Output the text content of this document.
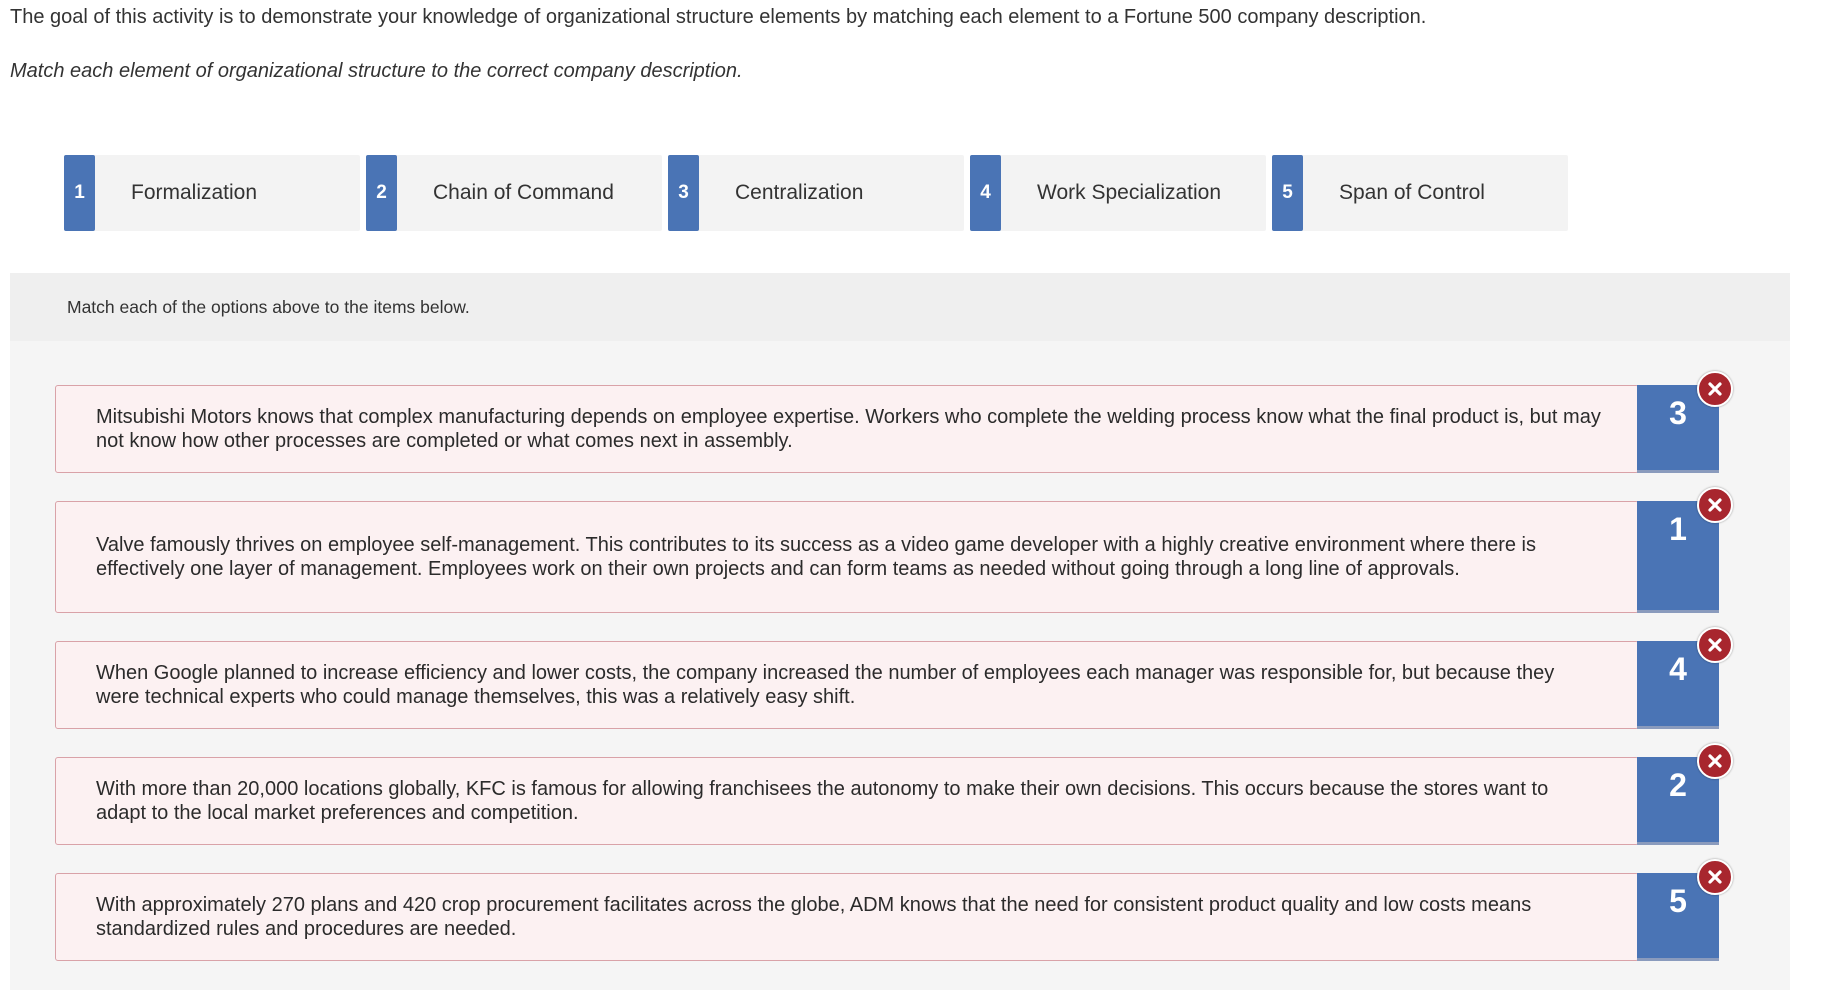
The goal of this activity is to demonstrate your knowledge of organizational structure elements by matching each element to a Fortune 500 company description.
Match each element of organizational structure to the correct company description.
1	Formalization	2	Chain of Command	3	Centralization	4	Work Specialization	5	Span of Control
Match each of the options above to the items below.
Mitsubishi Motors knows that complex manufacturing depends on employee expertise. Workers who complete the welding process know what the final product is, but may not know how other processes are completed or what comes next in assembly.
3
Valve famously thrives on employee self-management. This contributes to its success as a video game developer with a highly creative environment where there is effectively one layer of management. Employees work on their own projects and can form teams as needed without going through a long line of approvals.
1
When Google planned to increase efficiency and lower costs, the company increased the number of employees each manager was responsible for, but because they were technical experts who could manage themselves, this was a relatively easy shift.
4
With more than 20,000 locations globally, KFC is famous for allowing franchisees the autonomy to make their own decisions. This occurs because the stores want to adapt to the local market preferences and competition.
2
With approximately 270 plans and 420 crop procurement facilitates across the globe, ADM knows that the need for consistent product quality and low costs means standardized rules and procedures are needed.
5
